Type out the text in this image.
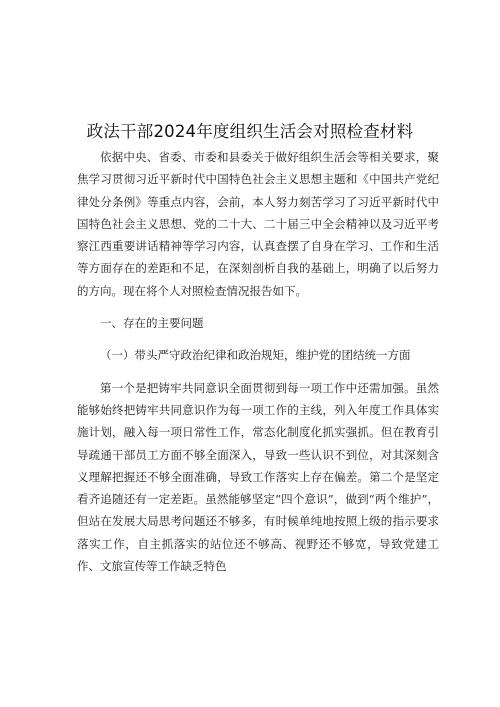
政法干部2024年度组织生活会对照检查材料

依据中央、省委、市委和县委关于做好组织生活会等相关要求，聚焦学习贯彻习近平新时代中国特色社会主义思想主题和《中国共产党纪律处分条例》等重点内容，会前，本人努力刻苦学习了习近平新时代中国特色社会主义思想、党的二十大、二十届三中全会精神以及习近平考察江西重要讲话精神等学习内容，认真查摆了自身在学习、工作和生活等方面存在的差距和不足，在深刻剖析自我的基础上，明确了以后努力的方向。现在将个人对照检查情况报告如下。

一、存在的主要问题

（一）带头严守政治纪律和政治规矩，维护党的团结统一方面

第一个是把铸牢共同意识全面贯彻到每一项工作中还需加强。虽然能够始终把铸牢共同意识作为每一项工作的主线，列入年度工作具体实施计划，融入每一项日常性工作，常态化制度化抓实强抓。但在教育引导疏通干部员工方面不够全面深入，导致一些认识不到位，对其深刻含义理解把握还不够全面准确，导致工作落实上存在偏差。第二个是坚定看齐追随还有一定差距。虽然能够坚定“四个意识”，做到“两个维护”，但站在发展大局思考问题还不够多，有时候单纯地按照上级的指示要求落实工作，自主抓落实的站位还不够高、视野还不够宽，导致党建工作、文旅宣传等工作缺乏特色
